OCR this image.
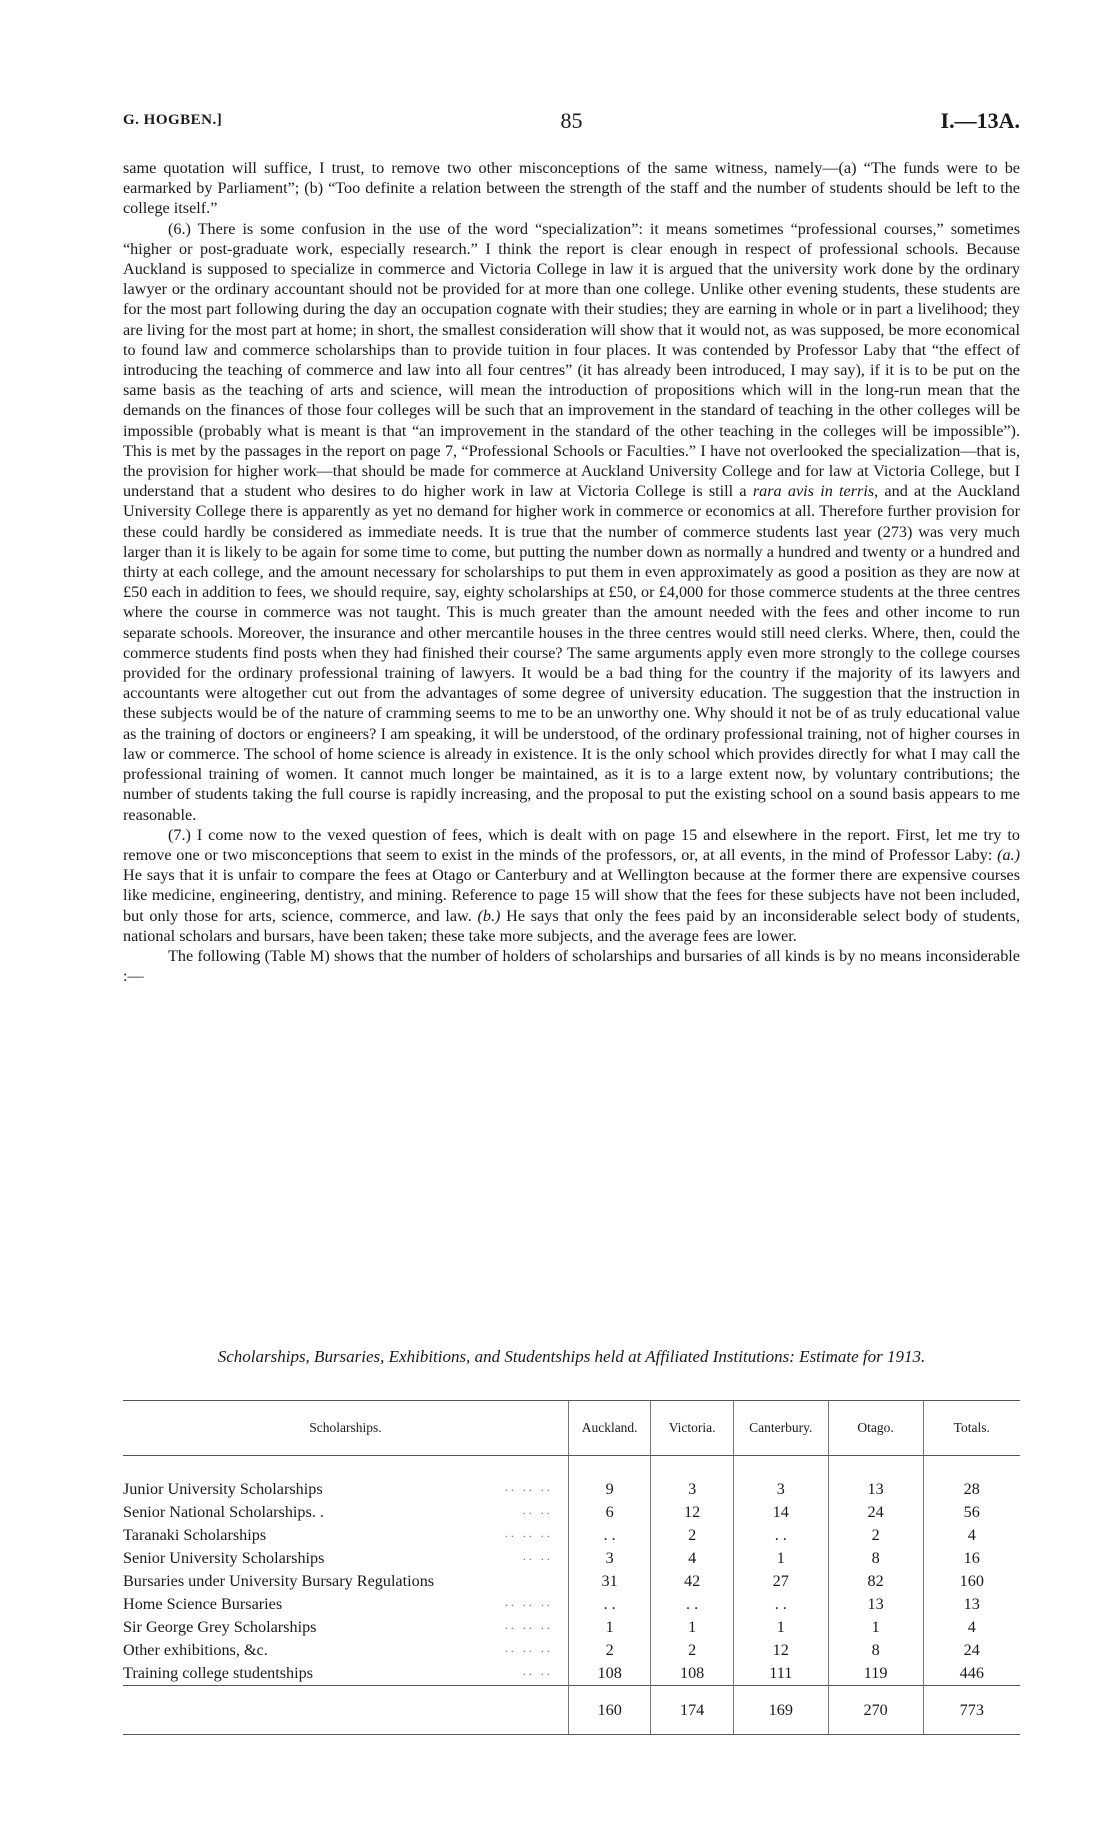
G. HOGBEN.]	85	I.—13A.

same quotation will suffice, I trust, to remove two other misconceptions of the same witness, namely—(a) “The funds were to be earmarked by Parliament”; (b) “Too definite a relation between the strength of the staff and the number of students should be left to the college itself.”

(6.) There is some confusion in the use of the word “specialization”: it means sometimes “professional courses,” sometimes “higher or post-graduate work, especially research.” I think the report is clear enough in respect of professional schools. Because Auckland is supposed to specialize in commerce and Victoria College in law it is argued that the university work done by the ordinary lawyer or the ordinary accountant should not be provided for at more than one college. Unlike other evening students, these students are for the most part following during the day an occupation cognate with their studies; they are earning in whole or in part a livelihood; they are living for the most part at home; in short, the smallest consideration will show that it would not, as was supposed, be more economical to found law and commerce scholarships than to provide tuition in four places. It was contended by Professor Laby that “the effect of introducing the teaching of commerce and law into all four centres” (it has already been introduced, I may say), if it is to be put on the same basis as the teaching of arts and science, will mean the introduction of propositions which will in the long-run mean that the demands on the finances of those four colleges will be such that an improvement in the standard of teaching in the other colleges will be impossible (probably what is meant is that “an improvement in the standard of the other teaching in the colleges will be impossible”). This is met by the passages in the report on page 7, “Professional Schools or Faculties.” I have not overlooked the specialization—that is, the provision for higher work—that should be made for commerce at Auckland University College and for law at Victoria College, but I understand that a student who desires to do higher work in law at Victoria College is still a rara avis in terris, and at the Auckland University College there is apparently as yet no demand for higher work in commerce or economics at all. Therefore further provision for these could hardly be considered as immediate needs. It is true that the number of commerce students last year (273) was very much larger than it is likely to be again for some time to come, but putting the number down as normally a hundred and twenty or a hundred and thirty at each college, and the amount necessary for scholarships to put them in even approximately as good a position as they are now at £50 each in addition to fees, we should require, say, eighty scholarships at £50, or £4,000 for those commerce students at the three centres where the course in commerce was not taught. This is much greater than the amount needed with the fees and other income to run separate schools. Moreover, the insurance and other mercantile houses in the three centres would still need clerks. Where, then, could the commerce students find posts when they had finished their course? The same arguments apply even more strongly to the college courses provided for the ordinary professional training of lawyers. It would be a bad thing for the country if the majority of its lawyers and accountants were altogether cut out from the advantages of some degree of university education. The suggestion that the instruction in these subjects would be of the nature of cramming seems to me to be an unworthy one. Why should it not be of as truly educational value as the training of doctors or engineers? I am speaking, it will be understood, of the ordinary professional training, not of higher courses in law or commerce. The school of home science is already in existence. It is the only school which provides directly for what I may call the professional training of women. It cannot much longer be maintained, as it is to a large extent now, by voluntary contributions; the number of students taking the full course is rapidly increasing, and the proposal to put the existing school on a sound basis appears to me reasonable.

(7.) I come now to the vexed question of fees, which is dealt with on page 15 and elsewhere in the report. First, let me try to remove one or two misconceptions that seem to exist in the minds of the professors, or, at all events, in the mind of Professor Laby: (a.) He says that it is unfair to compare the fees at Otago or Canterbury and at Wellington because at the former there are expensive courses like medicine, engineering, dentistry, and mining. Reference to page 15 will show that the fees for these subjects have not been included, but only those for arts, science, commerce, and law. (b.) He says that only the fees paid by an inconsiderable select body of students, national scholars and bursars, have been taken; these take more subjects, and the average fees are lower.

The following (Table M) shows that the number of holders of scholarships and bursaries of all kinds is by no means inconsiderable :—

Scholarships, Bursaries, Exhibitions, and Studentships held at Affiliated Institutions: Estimate for 1913.
Scholarships.	Auckland.	Victoria.	Canterbury.	Otago.	Totals.
Junior University Scholarships . .   . .   . .	9	3	3	13	28
Senior National Scholarships. . . .   . .	6	12	14	24	56
Taranaki Scholarships . .   . .   . .	. .	2	. .	2	4
Senior University Scholarships . .   . .	3	4	1	8	16
Bursaries under University Bursary Regulations	31	42	27	82	160
Home Science Bursaries . .   . .   . .	. .	. .	. .	13	13
Sir George Grey Scholarships . .   . .   . .	1	1	1	1	4
Other exhibitions, &c. . .   . .   . .	2	2	12	8	24
Training college studentships . .   . .	108	108	111	119	446
	160	174	169	270	773
